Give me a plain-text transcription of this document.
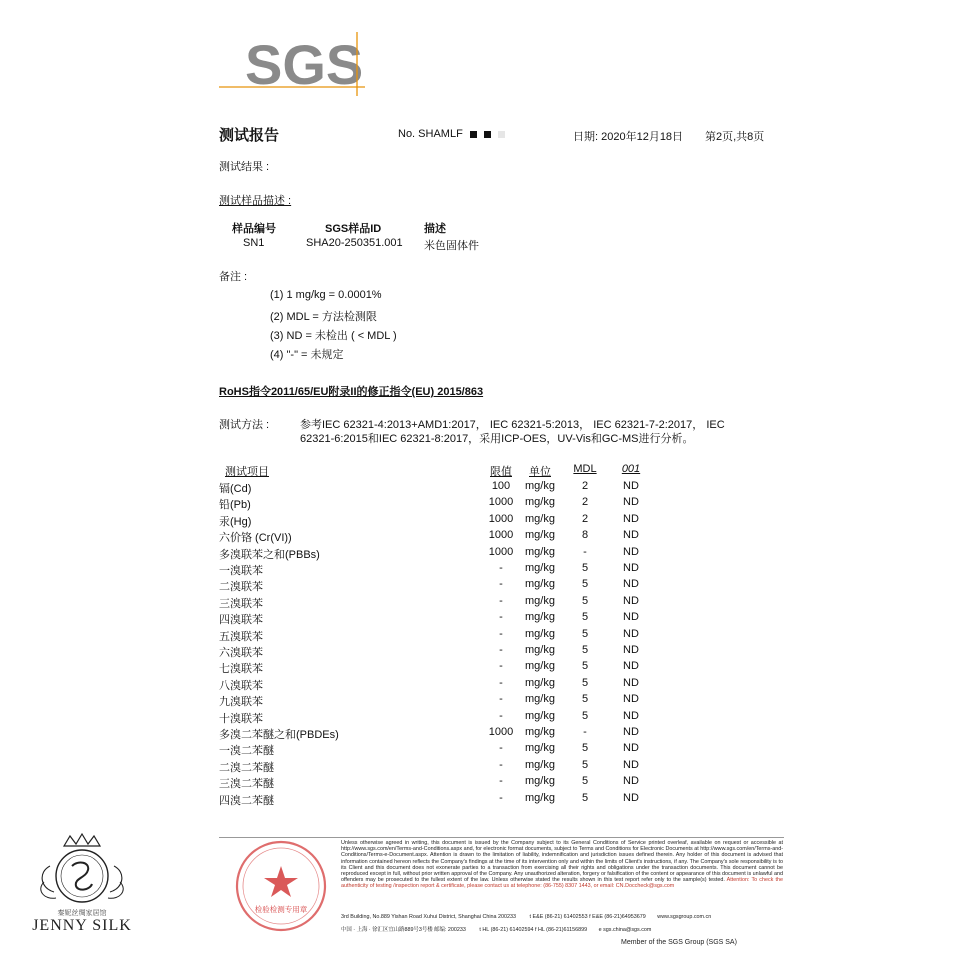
SGS
测试报告	No. SHAMLF	日期: 2020年12月18日 第2页,共8页
测试结果 :
测试样品描述 :
样品编号	SGS样品ID	描述
SN1	SHA20-250351.001 米色固体件
备注 :
(1) 1 mg/kg = 0.0001%
(2) MDL = 方法检测限
(3) ND = 未检出 ( < MDL )
(4) "-" = 未规定
RoHS指令2011/65/EU附录II的修正指令(EU) 2015/863
测试方法 :	参考IEC 62321-4:2013+AMD1:2017， IEC 62321-5:2013， IEC 62321-7-2:2017， IEC
62321-6:2015和IEC 62321-8:2017，采用ICP-OES，UV-Vis和GC-MS进行分析。
测试项目	限值	单位	MDL	001
镉(Cd)	100	mg/kg	2	ND
铅(Pb)	1000	mg/kg	2	ND
汞(Hg)	1000	mg/kg	2	ND
六价铬 (Cr(VI))	1000	mg/kg	8	ND
多溴联苯之和(PBBs)	1000	mg/kg	-	ND
一溴联苯	-	mg/kg	5	ND
二溴联苯	-	mg/kg	5	ND
三溴联苯	-	mg/kg	5	ND
四溴联苯	-	mg/kg	5	ND
五溴联苯	-	mg/kg	5	ND
六溴联苯	-	mg/kg	5	ND
七溴联苯	-	mg/kg	5	ND
八溴联苯	-	mg/kg	5	ND
九溴联苯	-	mg/kg	5	ND
十溴联苯	-	mg/kg	5	ND
多溴二苯醚之和(PBDEs)	1000	mg/kg	-	ND
一溴二苯醚	-	mg/kg	5	ND
二溴二苯醚	-	mg/kg	5	ND
三溴二苯醚	-	mg/kg	5	ND
四溴二苯醚	-	mg/kg	5	ND
秦妮丝绸家居馆
JENNY SILK
检验检测专用章
Unless otherwise agreed in writing, this document is issued by the Company subject to its General Conditions of Service printed overleaf, available on request or accessible at http://www.sgs.com/en/Terms-and-Conditions.aspx and, for electronic format documents, subject to Terms and Conditions for Electronic Documents at http://www.sgs.com/en/Terms-and-Conditions/Terms-e-Document.aspx. Attention is drawn to the limitation of liability, indemnification and jurisdiction issues defined therein. Any holder of this document is advised that information contained hereon reflects the Company's findings at the time of its intervention only and within the limits of Client's instructions, if any. The Company's sole responsibility is to its Client and this document does not exonerate parties to a transaction from exercising all their rights and obligations under the transaction documents. This document cannot be reproduced except in full, without prior written approval of the Company. Any unauthorized alteration, forgery or falsification of the content or appearance of this document is unlawful and offenders may be prosecuted to the fullest extent of the law. Unless otherwise stated the results shown in this test report refer only to the sample(s) tested. Attention: To check the authenticity of testing /inspection report & certificate, please contact us at telephone: (86-755) 8307 1443, or email: CN.Doccheck@sgs.com
3rd Building, No.889 Yishan Road Xuhui District, Shanghai China 200233	t E&E (86-21) 61402553 f E&E (86-21)64953679 www.sgsgroup.com.cn
中国 · 上海 · 徐汇区宜山路889号3号楼 邮编: 200233	t HL (86-21) 61402594 f HL (86-21)61156899 e sgs.china@sgs.com
Member of the SGS Group (SGS SA)
